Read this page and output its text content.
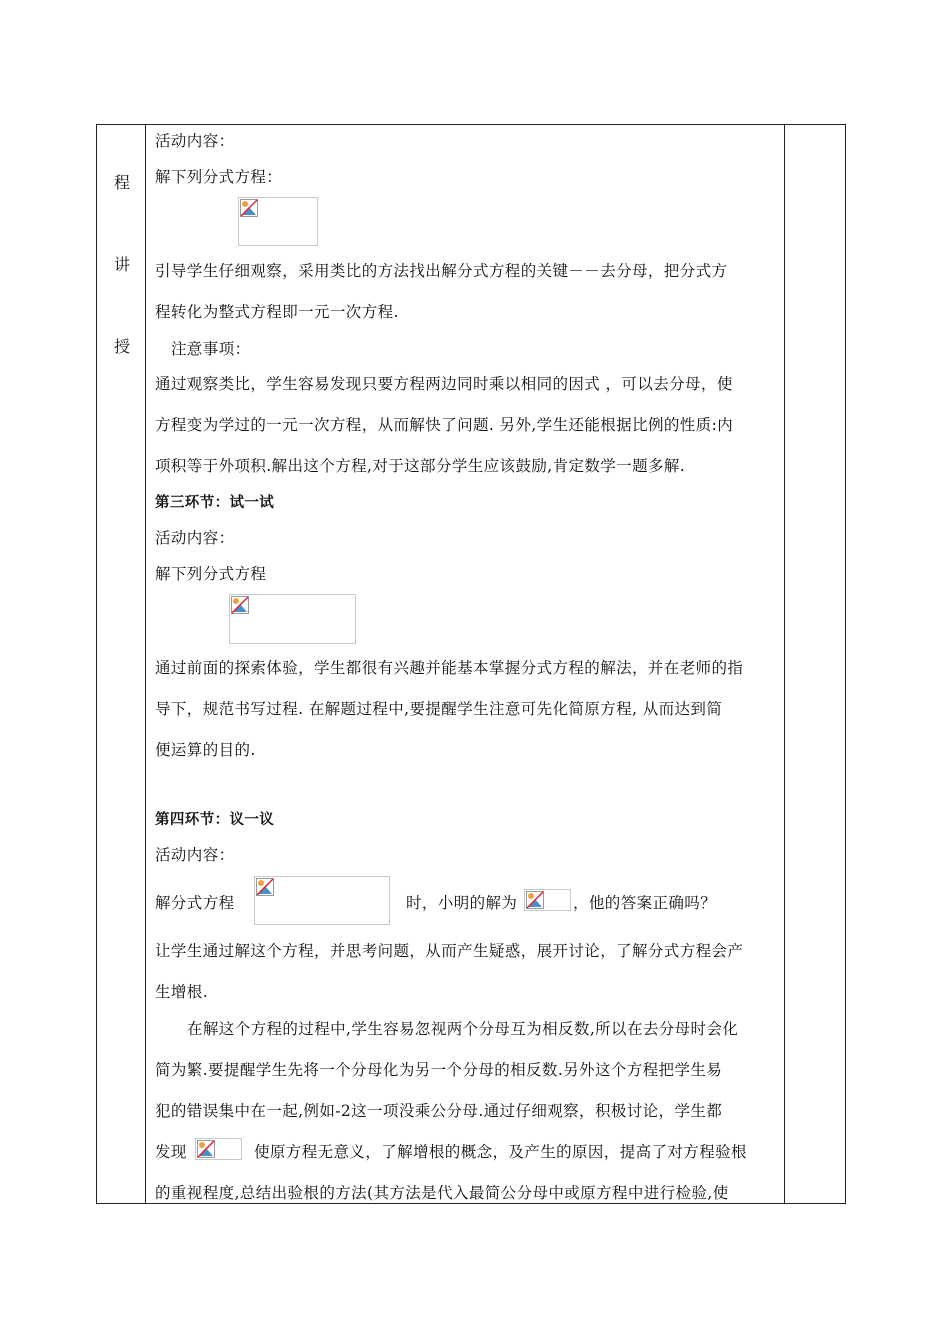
程
讲
授
活动内容：
解下列分式方程：
引导学生仔细观察，采用类比的方法找出解分式方程的关键－－去分母，把分式方
程转化为整式方程即一元一次方程.
注意事项：
通过观察类比，学生容易发现只要方程两边同时乘以相同的因式 ，可以去分母，使
方程变为学过的一元一次方程，从而解快了问题. 另外,学生还能根据比例的性质:内
项积等于外项积.解出这个方程,对于这部分学生应该鼓励,肯定数学一题多解.
第三环节：试一试
活动内容：
解下列分式方程
通过前面的探索体验，学生都很有兴趣并能基本掌握分式方程的解法，并在老师的指
导下，规范书写过程. 在解题过程中,要提醒学生注意可先化简原方程, 从而达到简
便运算的目的.
第四环节：议一议
活动内容：
解分式方程	时，小明的解为	，他的答案正确吗？
让学生通过解这个方程，并思考问题，从而产生疑惑，展开讨论，了解分式方程会产
生增根.
在解这个方程的过程中,学生容易忽视两个分母互为相反数,所以在去分母时会化
简为繁.要提醒学生先将一个分母化为另一个分母的相反数.另外这个方程把学生易
犯的错误集中在一起,例如-2这一项没乘公分母.通过仔细观察，积极讨论，学生都
发现	使原方程无意义，了解增根的概念，及产生的原因，提高了对方程验根
的重视程度,总结出验根的方法(其方法是代入最简公分母中或原方程中进行检验,使
